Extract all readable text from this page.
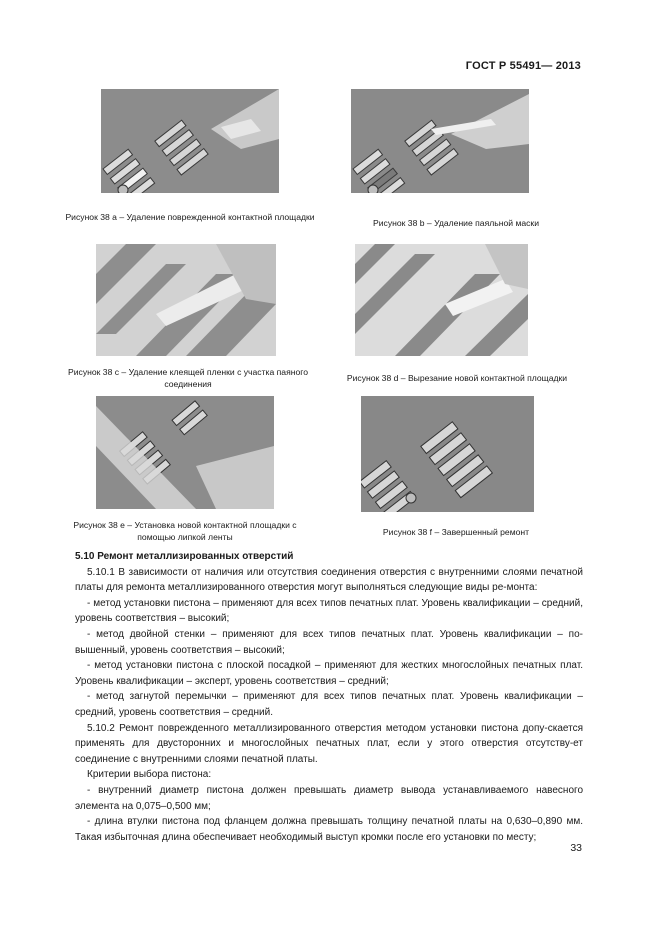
ГОСТ Р 55491— 2013
Рисунок 38 а – Удаление поврежденной контактной площадки
Рисунок 38 b – Удаление паяльной маски
Рисунок 38 с – Удаление клеящей пленки с участка паяного соединения
Рисунок 38 d – Вырезание новой контактной площадки
Рисунок 38 е – Установка новой контактной площадки с помощью липкой ленты	Рисунок 38 f – Завершенный ремонт

5.10 Ремонт металлизированных отверстий

5.10.1 В зависимости от наличия или отсутствия соединения отверстия с внутренними слоями печатной платы для ремонта металлизированного отверстия могут выполняться следующие виды ре-монта:

- метод установки пистона – применяют для всех типов печатных плат. Уровень квалификации – средний, уровень соответствия – высокий;

- метод двойной стенки – применяют для всех типов печатных плат. Уровень квалификации – по-вышенный, уровень соответствия – высокий;

- метод установки пистона с плоской посадкой – применяют для жестких многослойных печатных плат. Уровень квалификации – эксперт, уровень соответствия – средний;

- метод загнутой перемычки – применяют для всех типов печатных плат. Уровень квалификации – средний, уровень соответствия – средний.

5.10.2 Ремонт поврежденного металлизированного отверстия методом установки пистона допу-скается применять для двусторонних и многослойных печатных плат, если у этого отверстия отсутству-ет соединение с внутренними слоями печатной платы.

Критерии выбора пистона:

- внутренний диаметр пистона должен превышать диаметр вывода устанавливаемого навесного элемента на 0,075–0,500 мм;

- длина втулки пистона под фланцем должна превышать толщину печатной платы на 0,630–0,890 мм. Такая избыточная длина обеспечивает необходимый выступ кромки после его установки по месту;

33
